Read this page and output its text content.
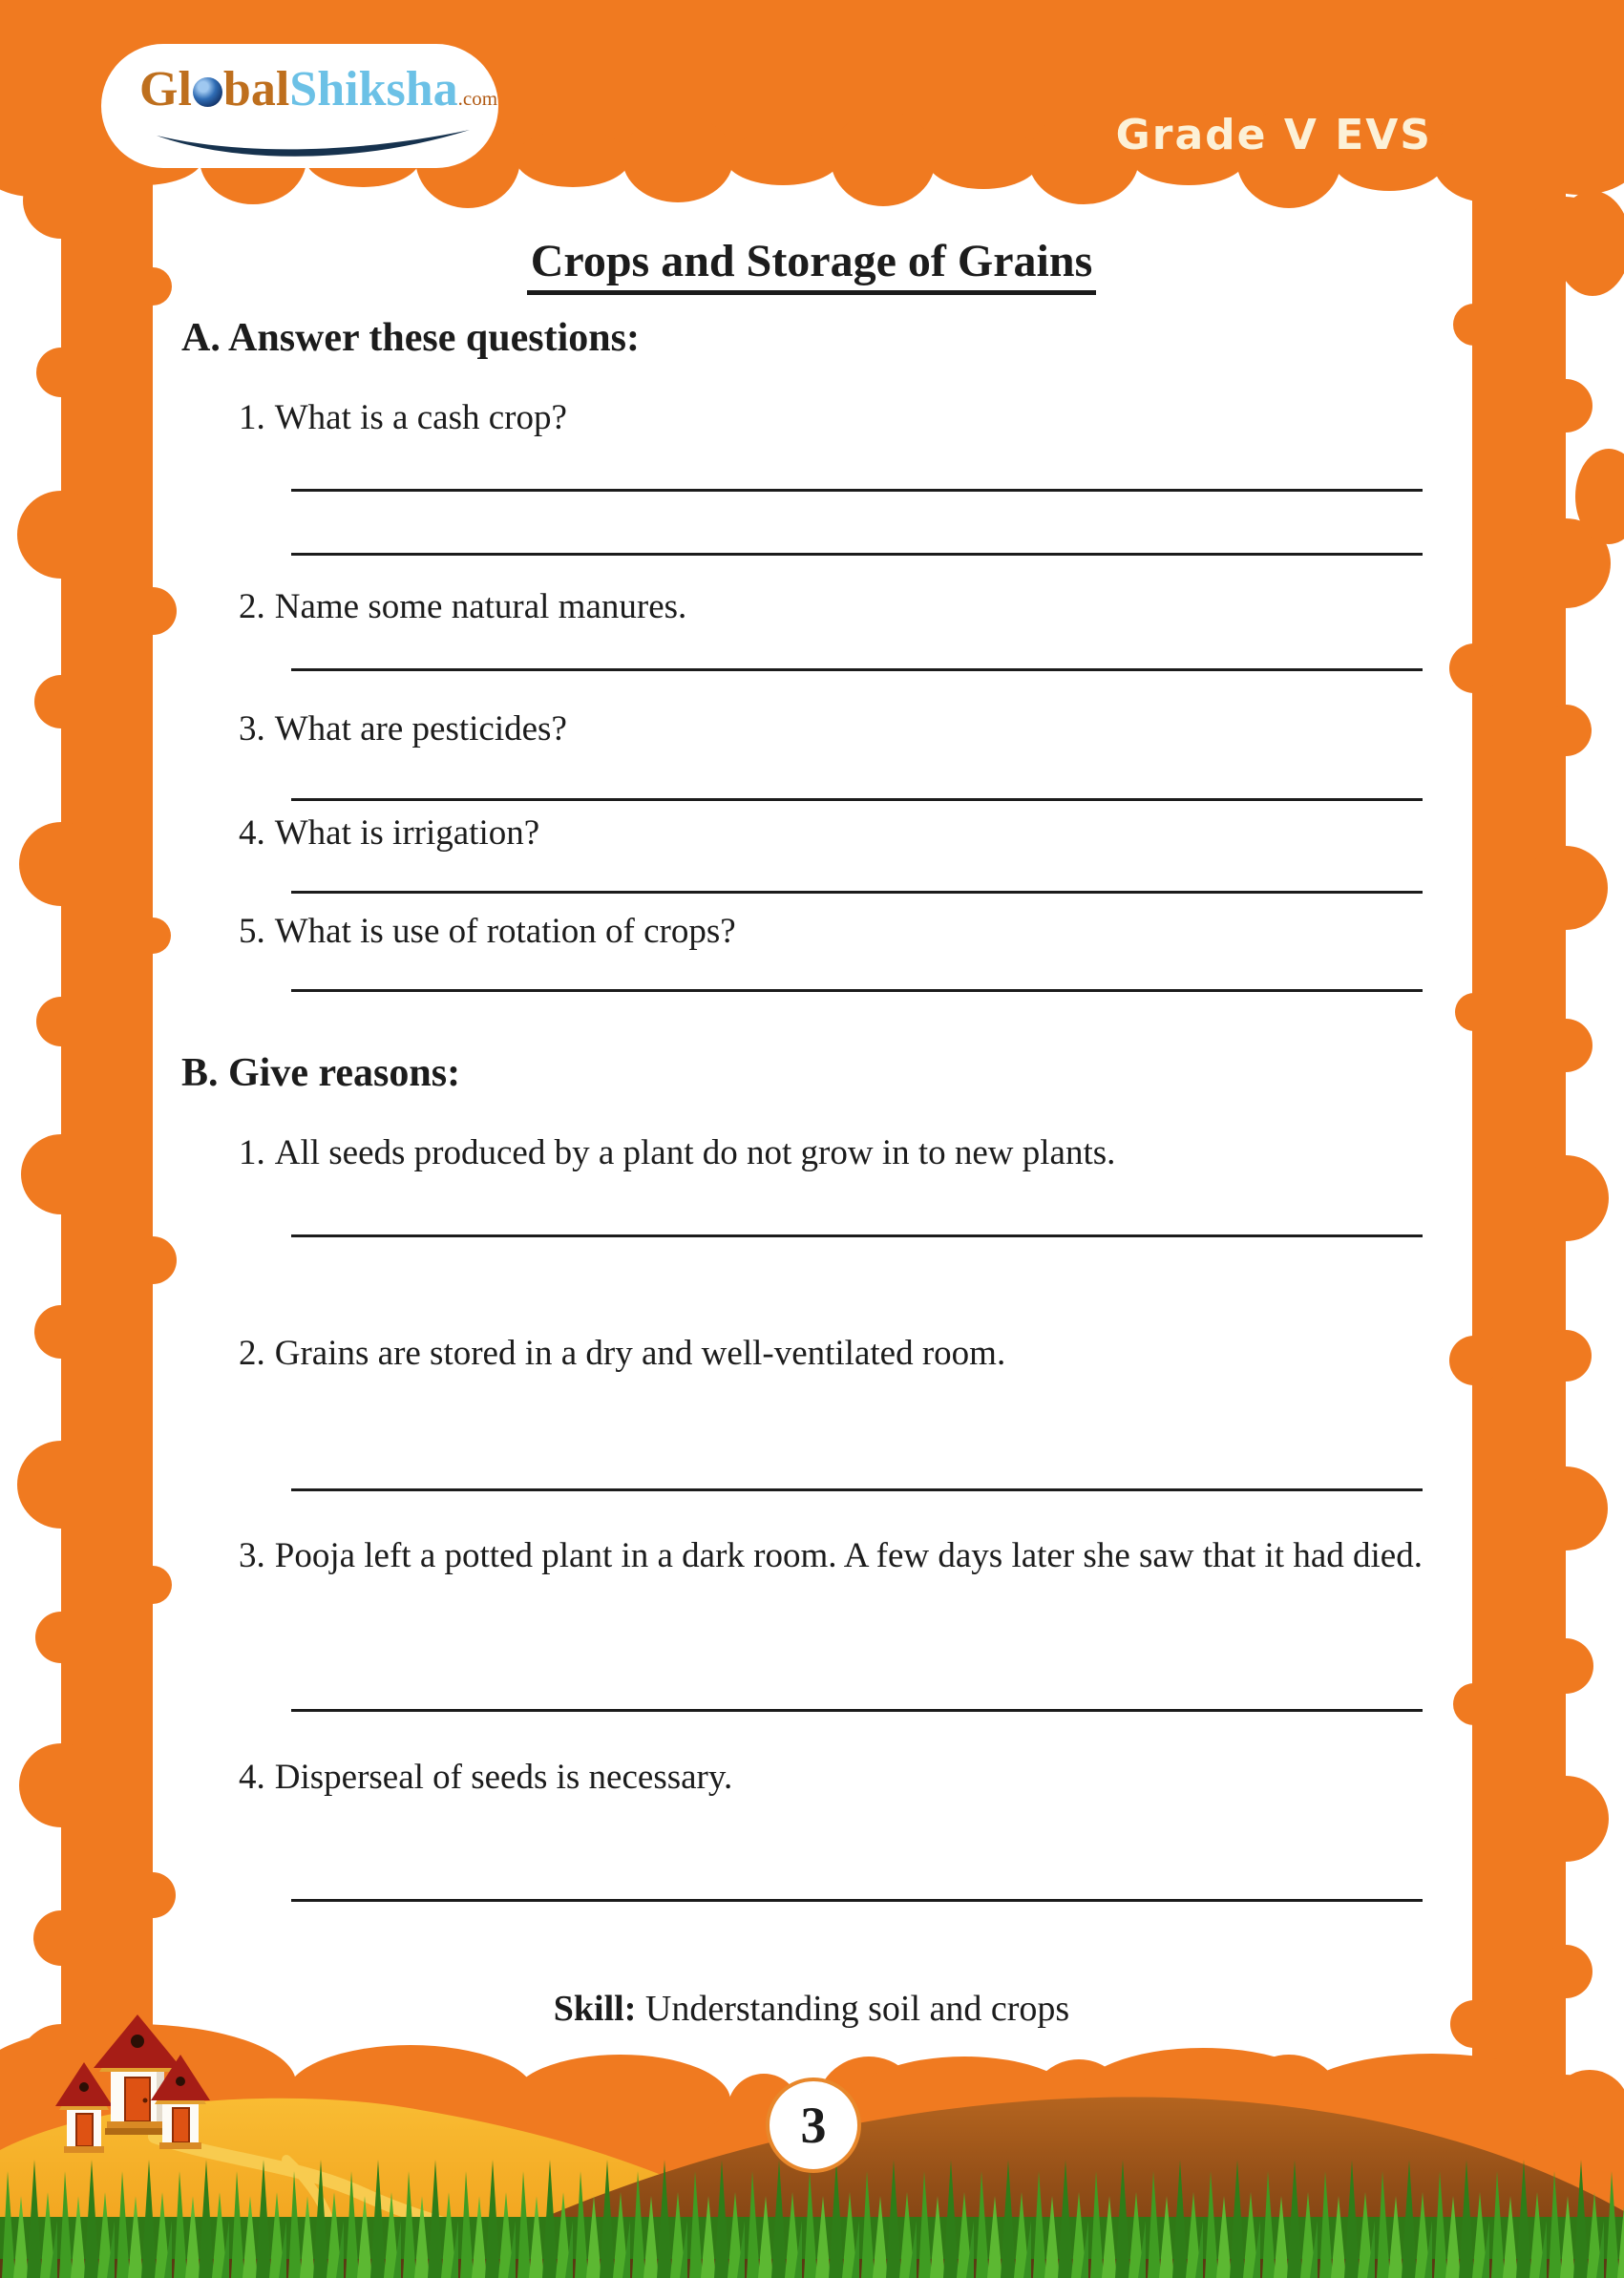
Gl balShiksha.com
Grade V EVS
Crops and Storage of Grains
A. Answer these questions:
1. What is a cash crop?
2. Name some natural manures.
3. What are pesticides?
4. What is irrigation?
5. What is use of rotation of crops?
B. Give reasons:
1. All seeds produced by a plant do not grow in to new plants.
2. Grains are stored in a dry and well-ventilated room.
3. Pooja left a potted plant in a dark room. A few days later she saw that it had died.
4. Disperseal of seeds is necessary.
Skill: Understanding soil and crops
3
